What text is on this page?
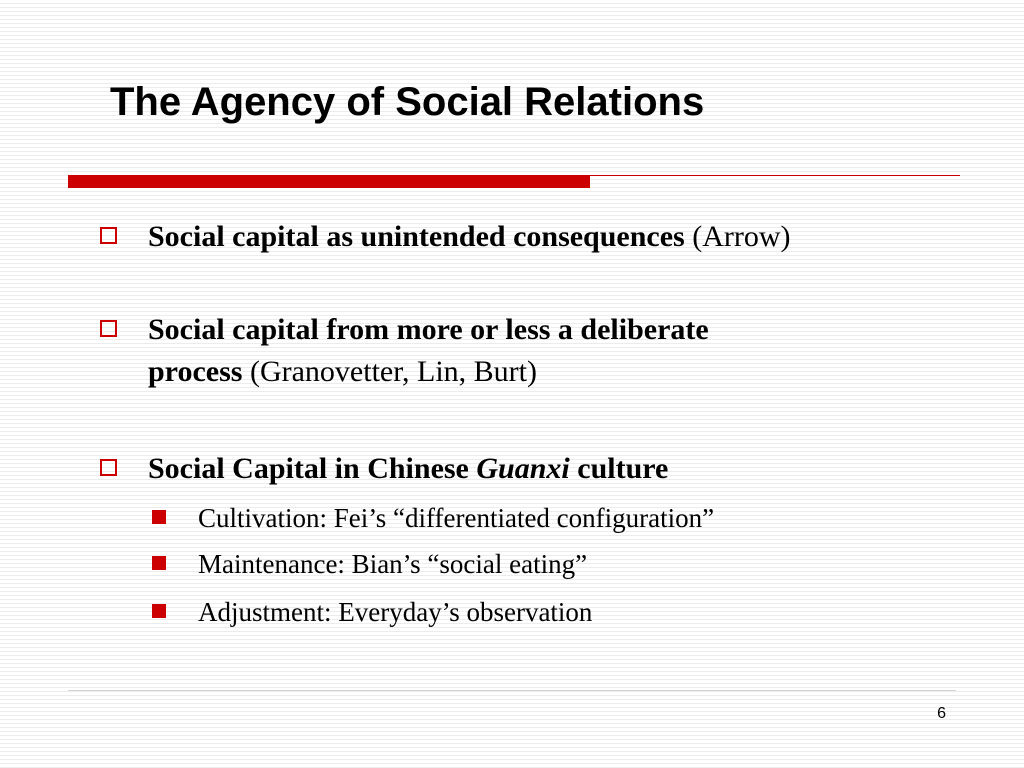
The Agency of Social Relations
Social capital as unintended consequences (Arrow)
Social capital from more or less a deliberate
process (Granovetter, Lin, Burt)
Social Capital in Chinese Guanxi culture
Cultivation: Fei’s “differentiated configuration”
Maintenance: Bian’s “social eating”
Adjustment: Everyday’s observation
6
